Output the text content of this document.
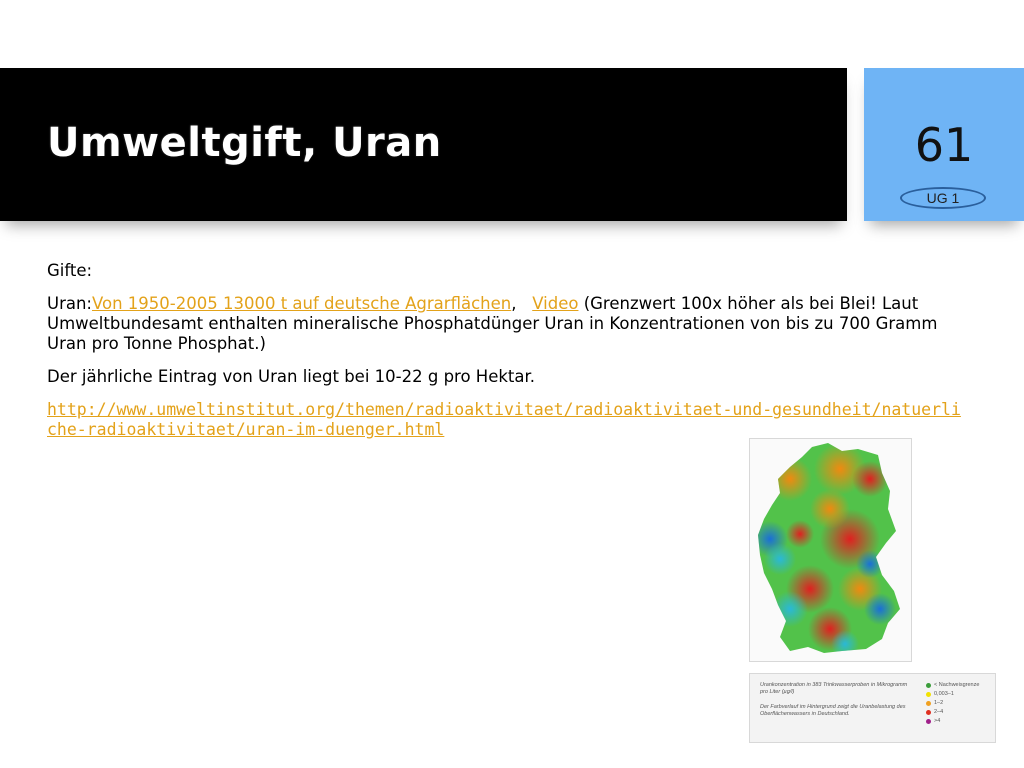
Umweltgift, Uran	61
UG 1

Gifte:

Uran:Von 1950-2005 13000 t auf deutsche Agrarflächen, Video (Grenzwert 100x höher als bei Blei! Laut Umweltbundesamt enthalten mineralische Phosphatdünger Uran in Konzentrationen von bis zu 700 Gramm Uran pro Tonne Phosphat.)

Der jährliche Eintrag von Uran liegt bei 10-22 g pro Hektar.

http://www.umweltinstitut.org/themen/radioaktivitaet/radioaktivitaet-und-gesundheit/natuerliche-radioaktivitaet/uran-im-duenger.html

Urankonzentration in 383 Trinkwasserproben in Mikrogramm pro Liter (µg/l)
Der Farbverlauf im Hintergrund zeigt die Uranbelastung des Oberflächenwassers in Deutschland.
< Nachweisgrenze
0,003–1
1–2
2–4
>4
